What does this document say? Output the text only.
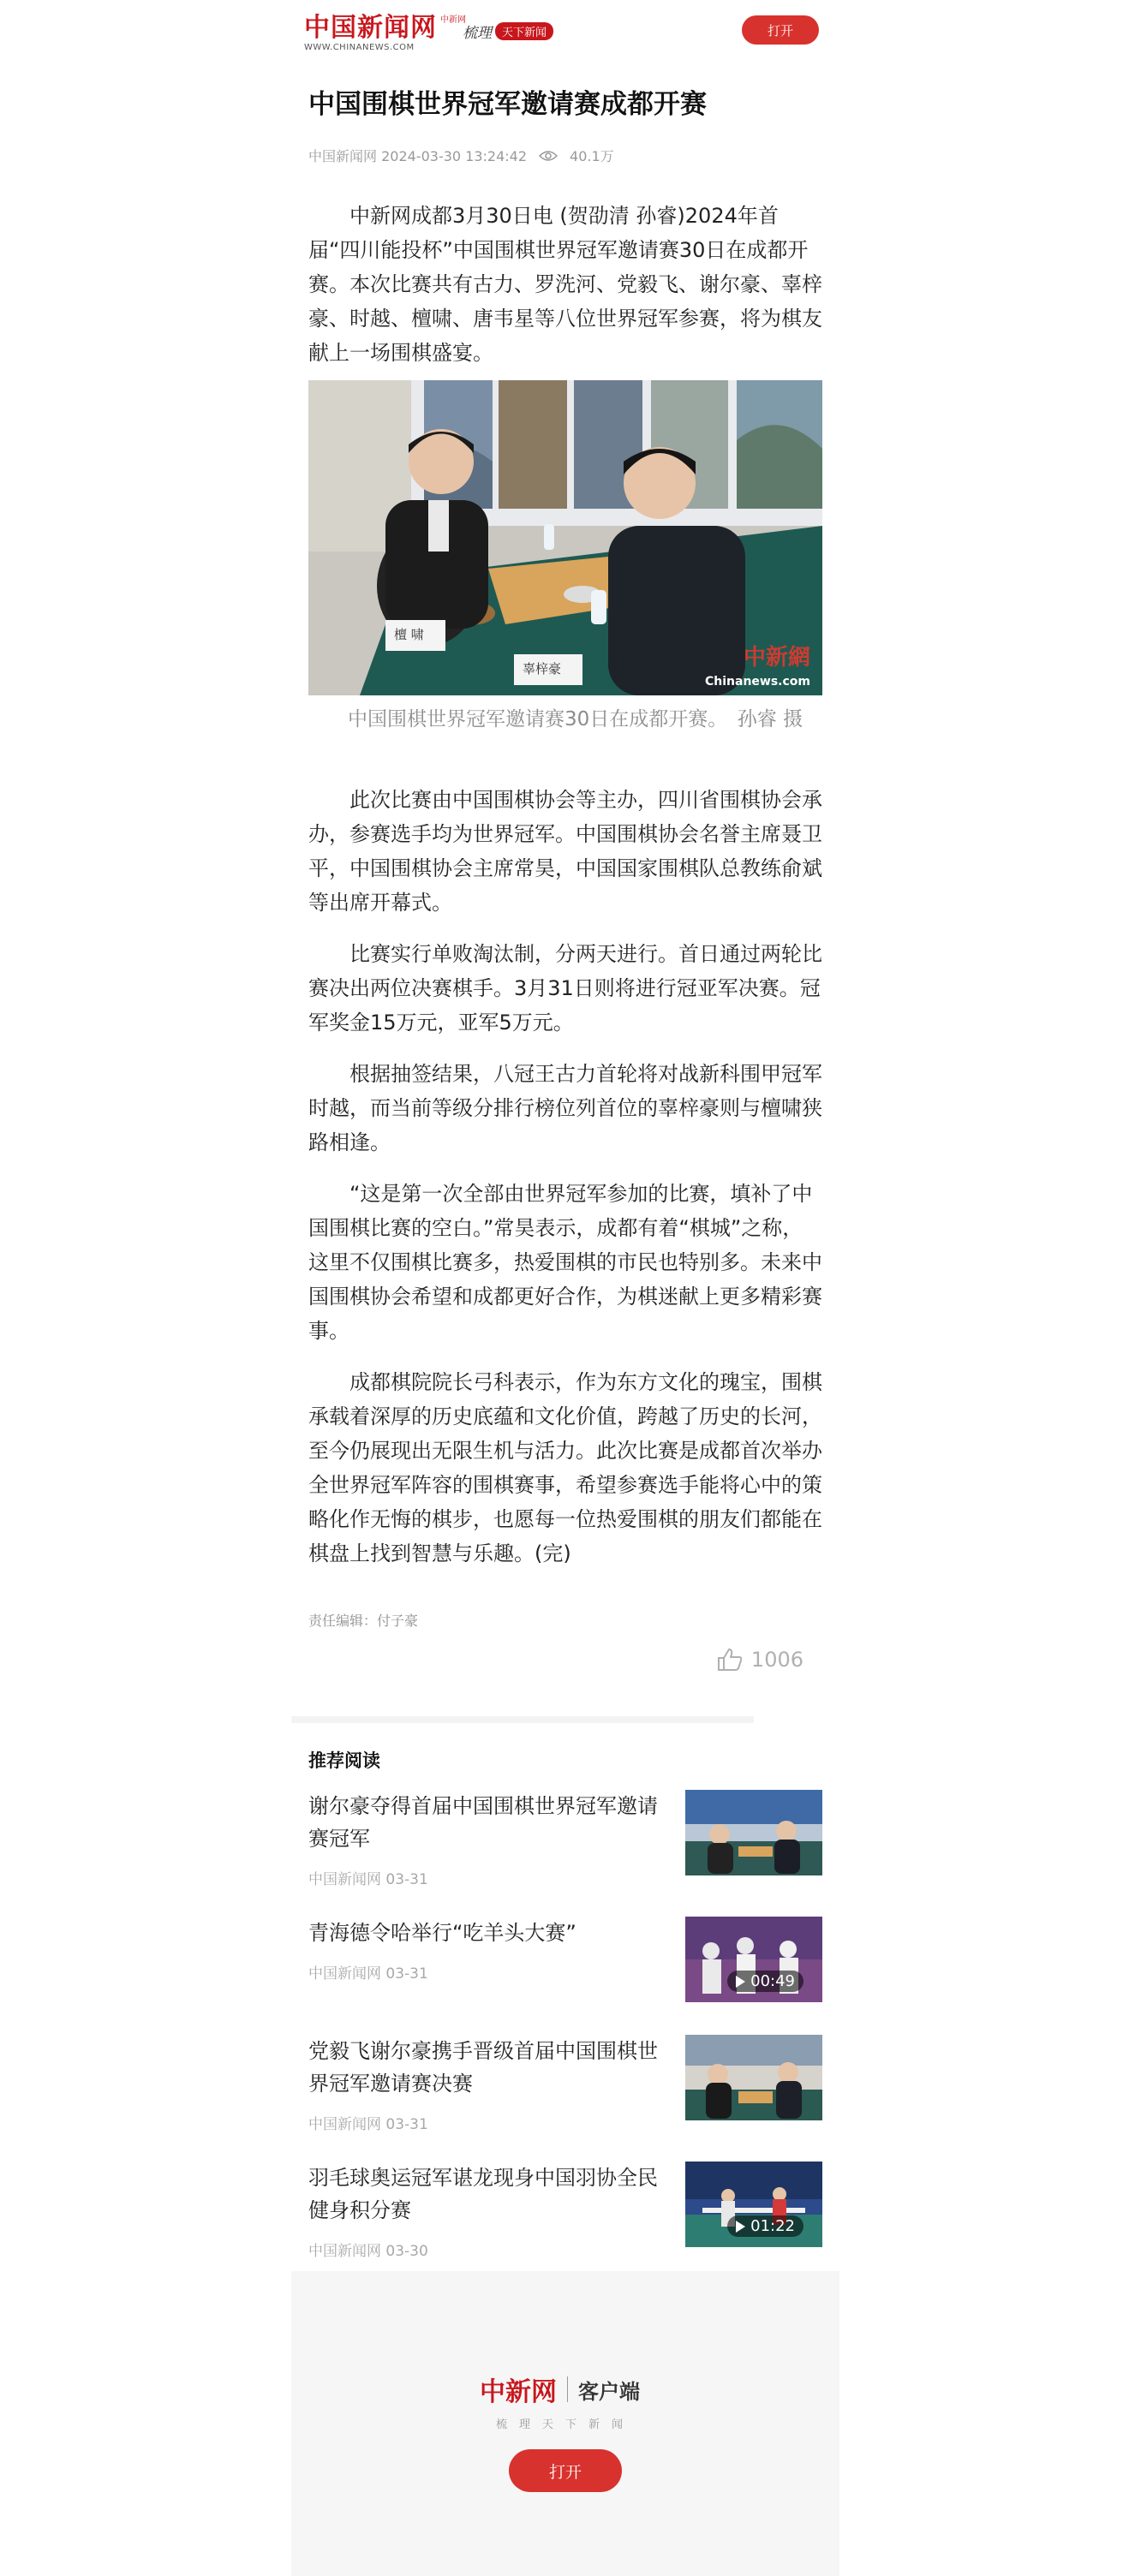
中国新闻网 中新网
WWW.CHINANEWS.COM
梳理 天下新闻	打开
中国围棋世界冠军邀请赛成都开赛
中国新闻网 2024-03-30 13:24:42	40.1万

中新网成都3月30日电 (贺劭清 孙睿)2024年首届“四川能投杯”中国围棋世界冠军邀请赛30日在成都开赛。本次比赛共有古力、罗洗河、党毅飞、谢尔豪、辜梓豪、时越、檀啸、唐韦星等八位世界冠军参赛，将为棋友献上一场围棋盛宴。

檀 啸
辜梓豪	中新網
Chinanews.com
中国围棋世界冠军邀请赛30日在成都开赛。　孙睿 摄

此次比赛由中国围棋协会等主办，四川省围棋协会承办，参赛选手均为世界冠军。中国围棋协会名誉主席聂卫平，中国围棋协会主席常昊，中国国家围棋队总教练俞斌等出席开幕式。

比赛实行单败淘汰制，分两天进行。首日通过两轮比赛决出两位决赛棋手。3月31日则将进行冠亚军决赛。冠军奖金15万元，亚军5万元。

根据抽签结果，八冠王古力首轮将对战新科围甲冠军时越，而当前等级分排行榜位列首位的辜梓豪则与檀啸狭路相逢。

“这是第一次全部由世界冠军参加的比赛，填补了中国围棋比赛的空白。”常昊表示，成都有着“棋城”之称，这里不仅围棋比赛多，热爱围棋的市民也特别多。未来中国围棋协会希望和成都更好合作，为棋迷献上更多精彩赛事。

成都棋院院长弓科表示，作为东方文化的瑰宝，围棋承载着深厚的历史底蕴和文化价值，跨越了历史的长河，至今仍展现出无限生机与活力。此次比赛是成都首次举办全世界冠军阵容的围棋赛事，希望参赛选手能将心中的策略化作无悔的棋步，也愿每一位热爱围棋的朋友们都能在棋盘上找到智慧与乐趣。(完)

责任编辑：付子豪
1006
推荐阅读
谢尔豪夺得首届中国围棋世界冠军邀请赛冠军
中国新闻网 03-31
青海德令哈举行“吃羊头大赛”
中国新闻网 03-31	00:49
党毅飞谢尔豪携手晋级首届中国围棋世界冠军邀请赛决赛
中国新闻网 03-31
羽毛球奥运冠军谌龙现身中国羽协全民健身积分赛
中国新闻网 03-30
01:22
中新网 客户端
梳理天下新闻
打开
